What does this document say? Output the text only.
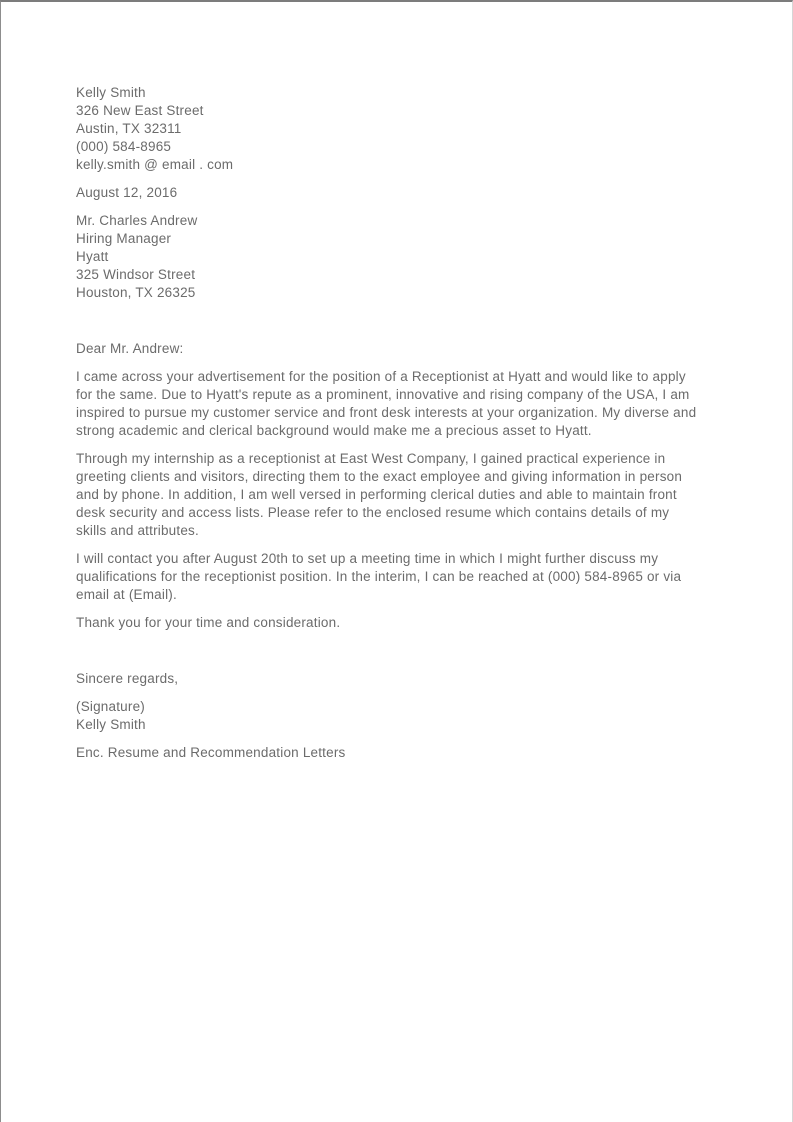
Kelly Smith
326 New East Street
Austin, TX 32311
(000) 584-8965
kelly.smith @ email . com

August 12, 2016

Mr. Charles Andrew
Hiring Manager
Hyatt
325 Windsor Street
Houston, TX 26325

Dear Mr. Andrew:

I came across your advertisement for the position of a Receptionist at Hyatt and would like to apply for the same. Due to Hyatt's repute as a prominent, innovative and rising company of the USA, I am inspired to pursue my customer service and front desk interests at your organization. My diverse and strong academic and clerical background would make me a precious asset to Hyatt.

Through my internship as a receptionist at East West Company, I gained practical experience in greeting clients and visitors, directing them to the exact employee and giving information in person and by phone. In addition, I am well versed in performing clerical duties and able to maintain front desk security and access lists. Please refer to the enclosed resume which contains details of my skills and attributes.

I will contact you after August 20th to set up a meeting time in which I might further discuss my qualifications for the receptionist position. In the interim, I can be reached at (000) 584-8965 or via email at (Email).

Thank you for your time and consideration.

Sincere regards,

(Signature)
Kelly Smith

Enc. Resume and Recommendation Letters
